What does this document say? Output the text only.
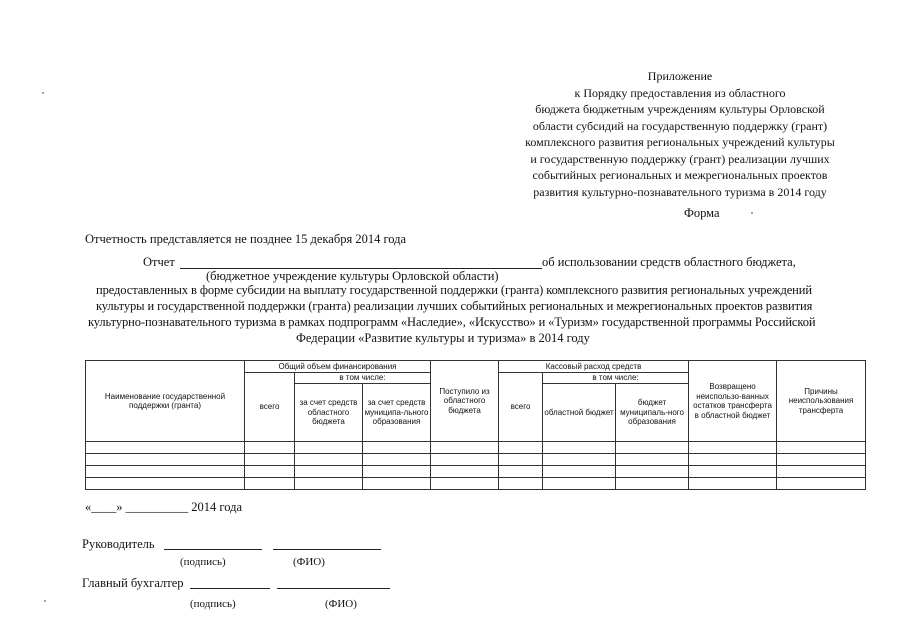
Приложение
к Порядку предоставления из областного
бюджета бюджетным учреждениям культуры Орловской
области субсидий на государственную поддержку (грант)
комплексного развития региональных учреждений культуры
и государственную поддержку (грант) реализации лучших
событийных региональных и межрегиональных проектов
развития культурно-познавательного туризма в 2014 году
Форма
Отчетность представляется не позднее 15 декабря 2014 года
Отчет	об использовании средств областного бюджета,
(бюджетное учреждение культуры Орловской области)
предоставленных в форме субсидии на выплату государственной поддержки (гранта) комплексного развития региональных учреждений
культуры и государственной поддержки (гранта) реализации лучших событийных региональных и межрегиональных проектов развития
культурно-познавательного туризма в рамках подпрограмм «Наследие», «Искусство» и «Туризм» государственной программы Российской
Федерации «Развитие культуры и туризма» в 2014 году
Наименование государственной поддержки (гранта)	Общий объем финансирования			Поступило из областного бюджета	Кассовый расход средств			Возвращено неиспользо-ванных остатков трансферта в областной бюджет	Причины неиспользования трансферта
	всего	в том числе:			всего	в том числе:			
		за счет средств областного бюджета	за счет средств муниципа-льного образования			областной бюджет	бюджет муниципаль-ного образования		

«____» __________ 2014 года
Руководитель
(подпись)	(ФИО)
Главный бухгалтер
(подпись)	(ФИО)
